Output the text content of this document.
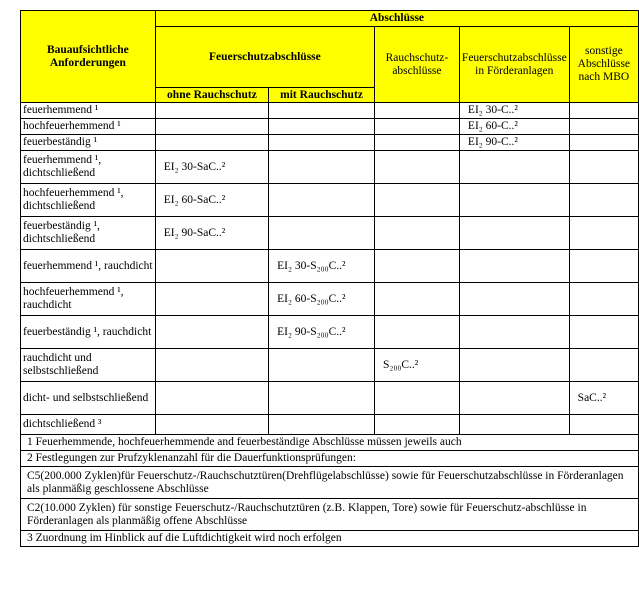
Bauaufsichtliche Anforderungen	Abschlüsse				
	Feuerschutzabschlüsse		Rauchschutz-abschlüsse	Feuerschutzabschlüsse in Förderanlagen	sonstige Abschlüsse nach MBO
	ohne Rauchschutz	mit Rauchschutz			
feuerhemmend ¹				EI₂ 30-C..²	
hochfeuerhemmend ¹				EI₂ 60-C..²	
feuerbeständig ¹				EI₂ 90-C..²	
feuerhemmend ¹, dichtschließend	EI₂ 30-SaC..²				
hochfeuerhemmend ¹, dichtschließend	EI₂ 60-SaC..²				
feuerbeständig ¹, dichtschließend	EI₂ 90-SaC..²				
feuerhemmend ¹, rauchdicht		EI₂ 30-S₂₀₀C..²			
hochfeuerhemmend ¹, rauchdicht		EI₂ 60-S₂₀₀C..²			
feuerbeständig ¹, rauchdicht		EI₂ 90-S₂₀₀C..²			
rauchdicht und selbstschließend			S₂₀₀C..²		
dicht- und selbstschließend					SaC..²
dichtschließend ³					
1 Feuerhemmende, hochfeuerhemmende and feuerbeständige Abschlüsse müssen jeweils auch					
2 Festlegungen zur Prufzyklenanzahl für die Dauerfunktionsprüfungen:					
C5(200.000 Zyklen)für Feuerschutz-/Rauchschutztüren(Drehflügelabschlüsse) sowie für Feuerschutzabschlüsse in Förderanlagen als planmäßig geschlossene Abschlüsse					
C2(10.000 Zyklen) für sonstige Feuerschutz-/Rauchschutztüren (z.B. Klappen, Tore) sowie für Feuerschutz-abschlüsse in Förderanlagen als planmäßig offene Abschlüsse					
3 Zuordnung im Hinblick auf die Luftdichtigkeit wird noch erfolgen					
